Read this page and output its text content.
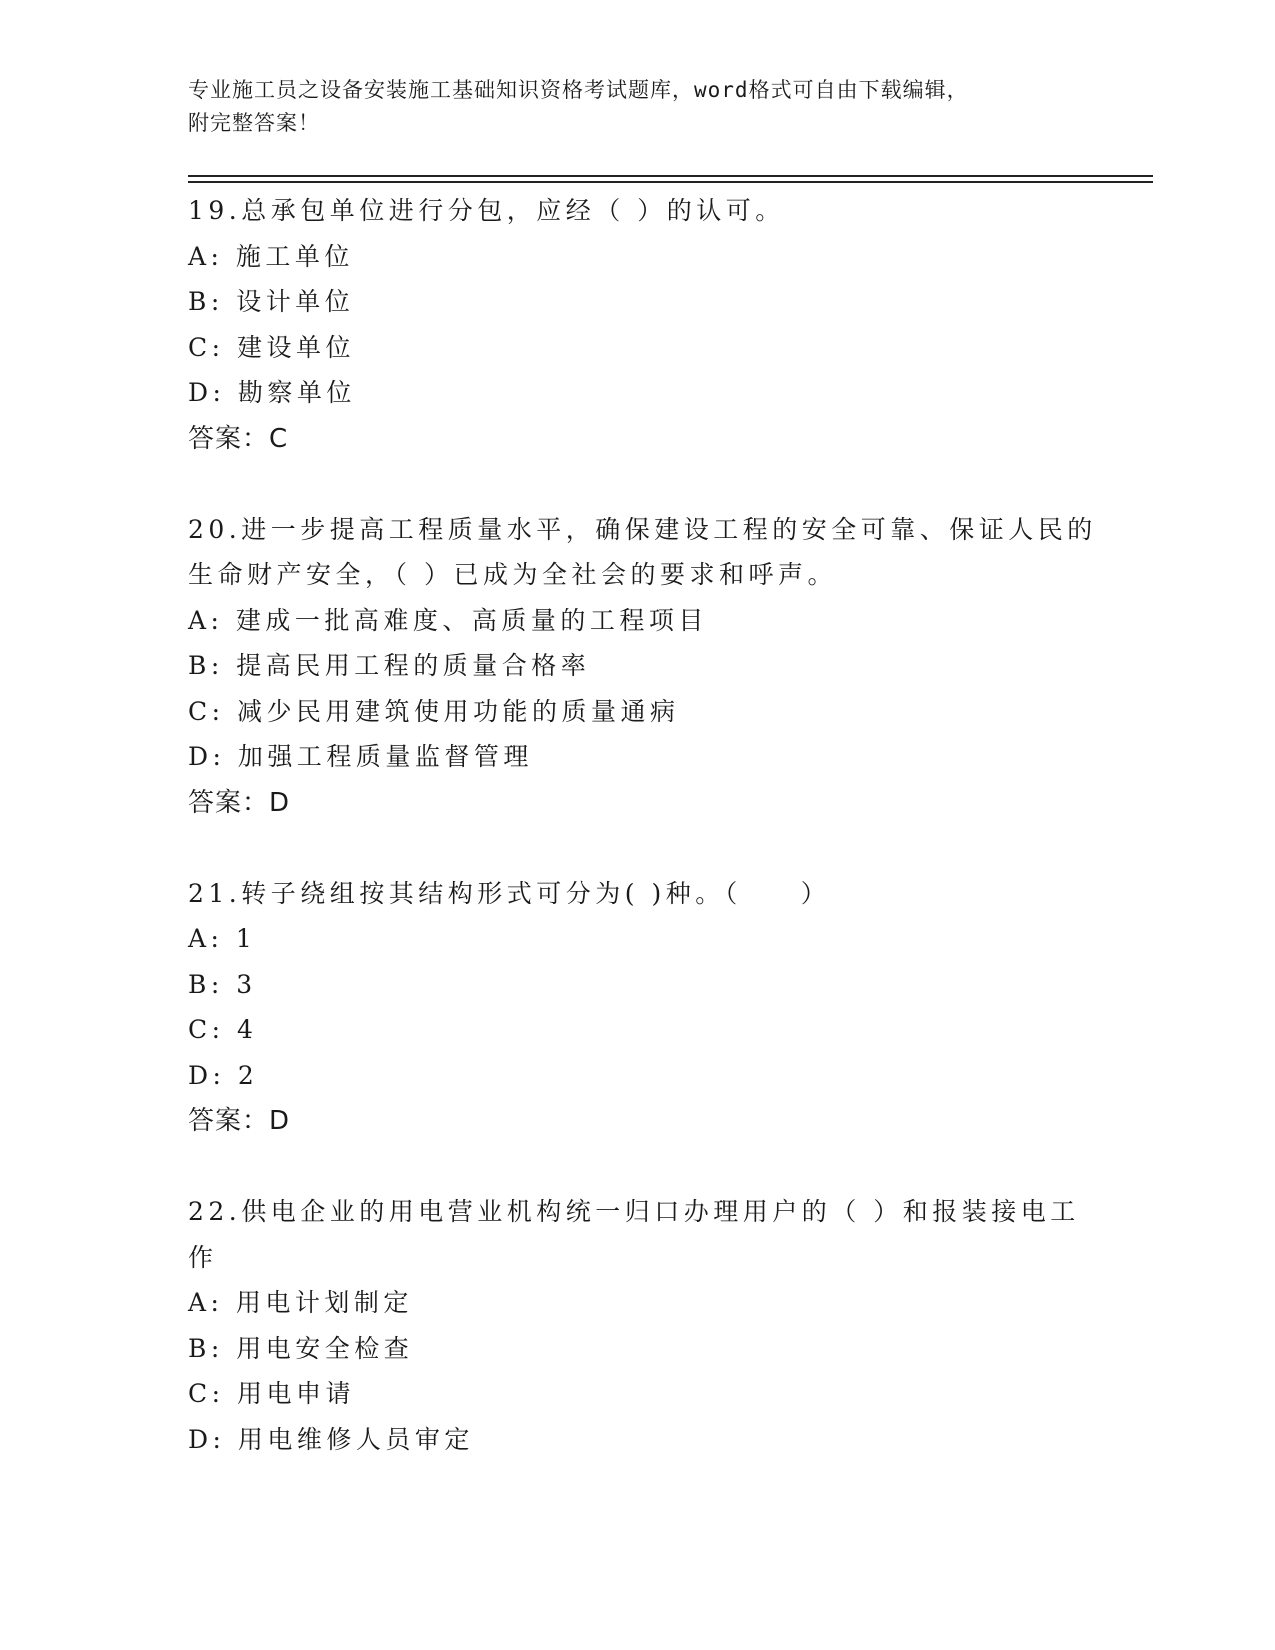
专业施工员之设备安装施工基础知识资格考试题库，word格式可自由下载编辑，
附完整答案！
19.总承包单位进行分包，应经（ ）的认可。
A: 施工单位
B: 设计单位
C: 建设单位
D: 勘察单位
答案：C
20.进一步提高工程质量水平，确保建设工程的安全可靠、保证人民的
生命财产安全，（ ）已成为全社会的要求和呼声。
A: 建成一批高难度、高质量的工程项目
B: 提高民用工程的质量合格率
C: 减少民用建筑使用功能的质量通病
D: 加强工程质量监督管理
答案：D
21.转子绕组按其结构形式可分为( )种。（　　）
A: 1
B: 3
C: 4
D: 2
答案：D
22.供电企业的用电营业机构统一归口办理用户的（ ）和报装接电工
作
A: 用电计划制定
B: 用电安全检查
C: 用电申请
D: 用电维修人员审定
